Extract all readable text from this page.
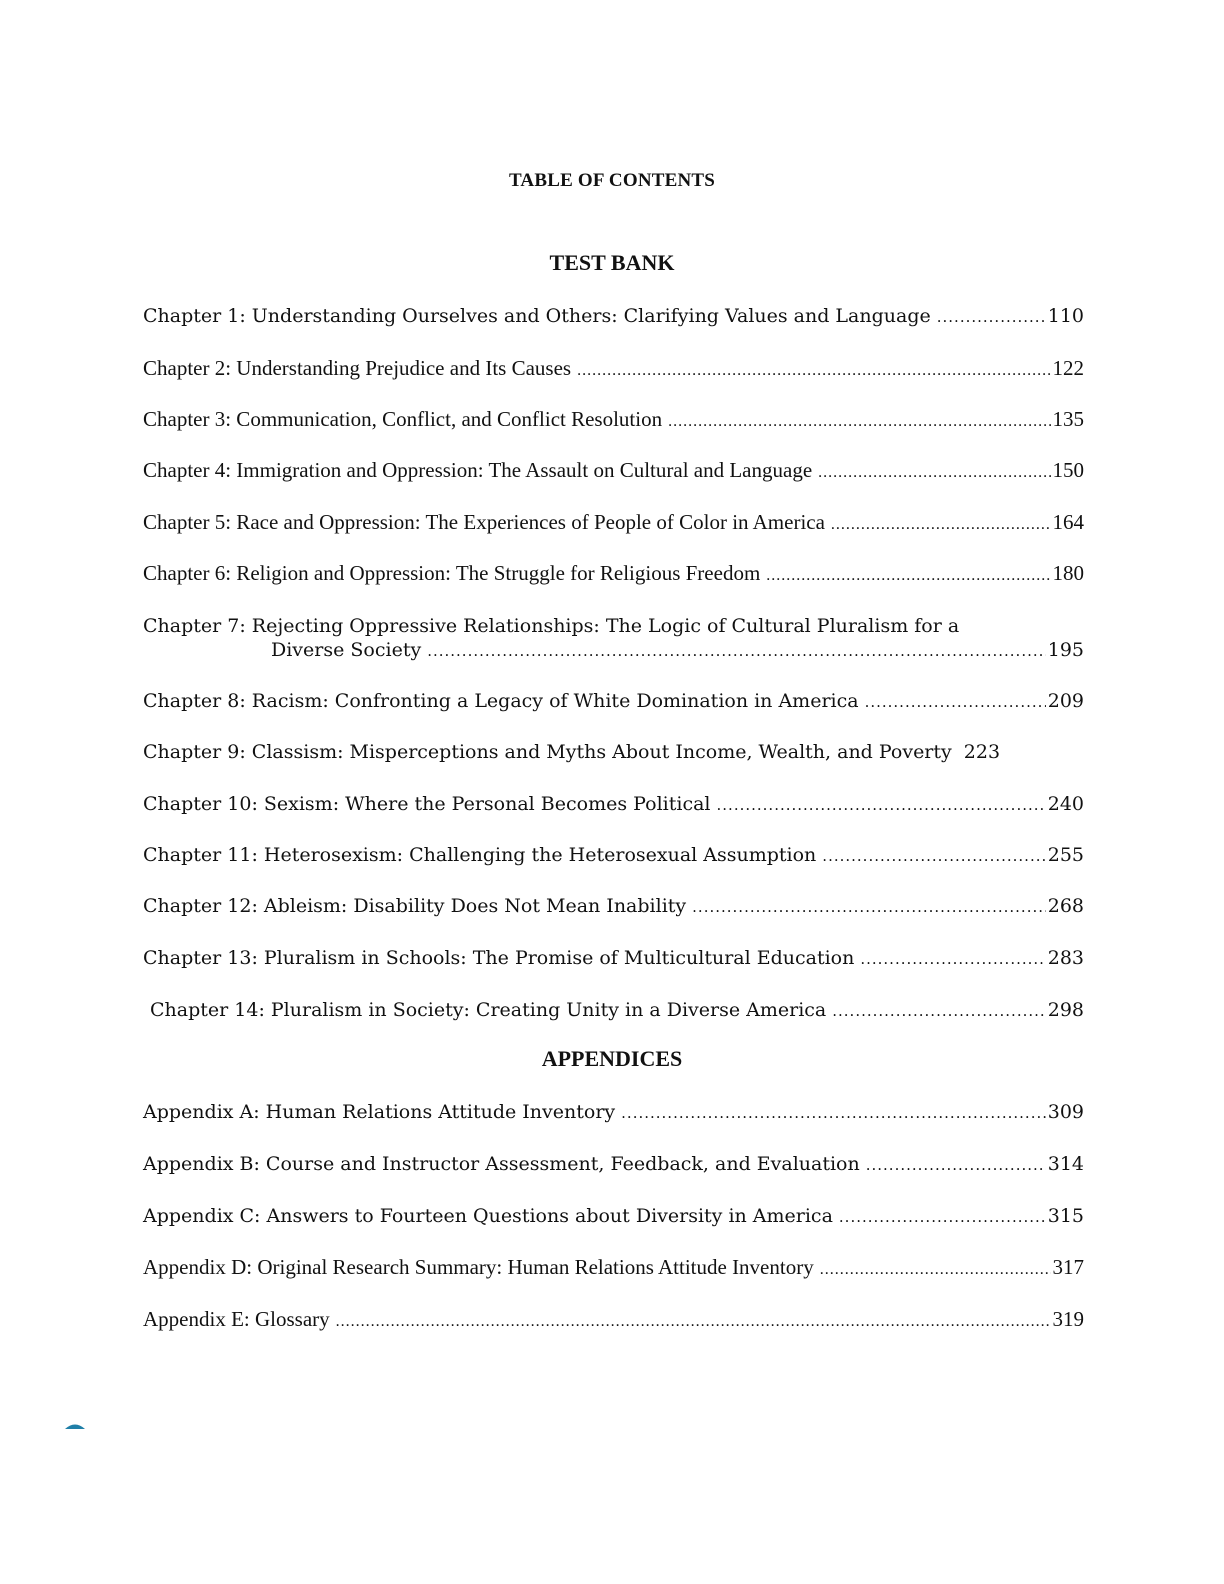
TABLE OF CONTENTS
TEST BANK
Chapter 1: Understanding Ourselves and Others: Clarifying Values and Language .....	110
Chapter 2: Understanding Prejudice and Its Causes .....	122
Chapter 3: Communication, Conflict, and Conflict Resolution .....	135
Chapter 4: Immigration and Oppression: The Assault on Cultural and Language .....	150
Chapter 5: Race and Oppression: The Experiences of People of Color in America .....	164
Chapter 6: Religion and Oppression: The Struggle for Religious Freedom .....	180
Chapter 7: Rejecting Oppressive Relationships: The Logic of Cultural Pluralism for a
Diverse Society .....	195
Chapter 8: Racism: Confronting a Legacy of White Domination in America .....	209
Chapter 9: Classism: Misperceptions and Myths About Income, Wealth, and Poverty 223
Chapter 10: Sexism: Where the Personal Becomes Political .....	240
Chapter 11: Heterosexism: Challenging the Heterosexual Assumption .....	255
Chapter 12: Ableism: Disability Does Not Mean Inability .....	268
Chapter 13: Pluralism in Schools: The Promise of Multicultural Education .....	283
Chapter 14: Pluralism in Society: Creating Unity in a Diverse America .....	298
APPENDICES
Appendix A: Human Relations Attitude Inventory .....	309
Appendix B: Course and Instructor Assessment, Feedback, and Evaluation .....	314
Appendix C: Answers to Fourteen Questions about Diversity in America .....	315
Appendix D: Original Research Summary: Human Relations Attitude Inventory .....	317
Appendix E: Glossary .....	319
